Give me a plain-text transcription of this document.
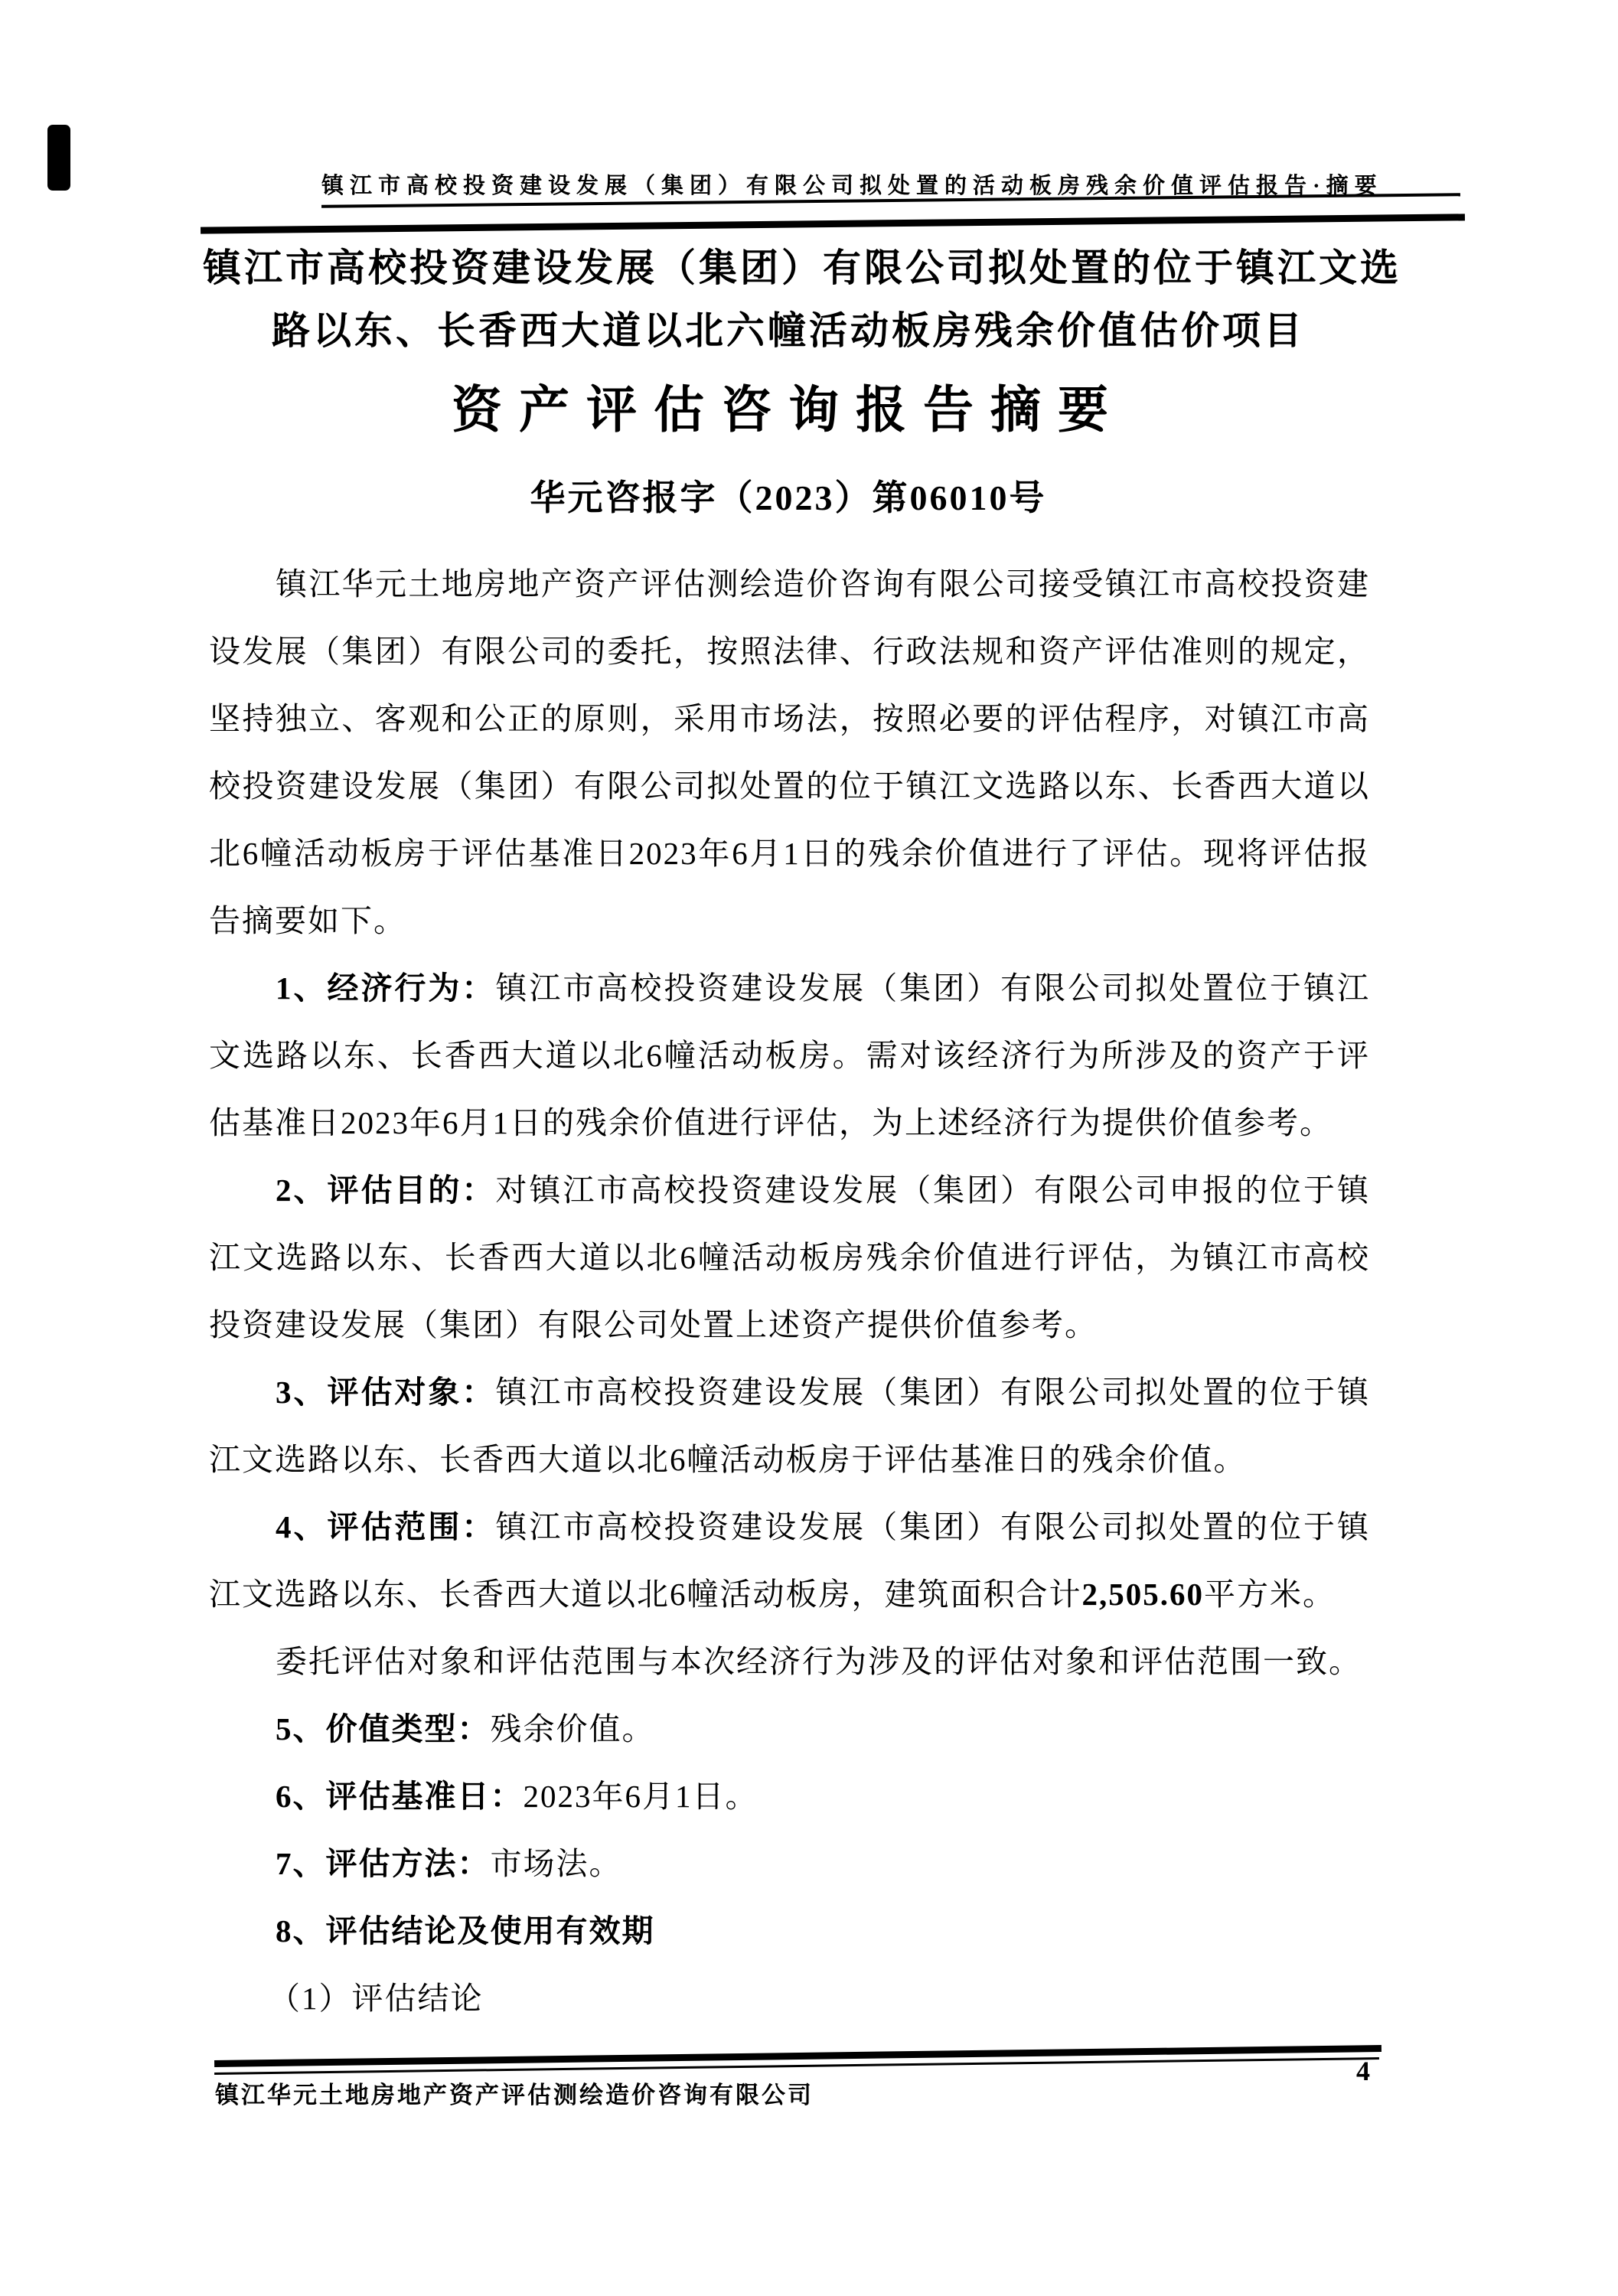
镇江市高校投资建设发展（集团）有限公司拟处置的活动板房残余价值评估报告·摘要
镇江市高校投资建设发展（集团）有限公司拟处置的位于镇江文选
路以东、长香西大道以北六幢活动板房残余价值估价项目
资产评估咨询报告摘要
华元咨报字（2023）第06010号

镇江华元土地房地产资产评估测绘造价咨询有限公司接受镇江市高校投资建设发展（集团）有限公司的委托，按照法律、行政法规和资产评估准则的规定，坚持独立、客观和公正的原则，采用市场法，按照必要的评估程序，对镇江市高校投资建设发展（集团）有限公司拟处置的位于镇江文选路以东、长香西大道以北6幢活动板房于评估基准日2023年6月1日的残余价值进行了评估。现将评估报告摘要如下。

1、经济行为：镇江市高校投资建设发展（集团）有限公司拟处置位于镇江文选路以东、长香西大道以北6幢活动板房。需对该经济行为所涉及的资产于评估基准日2023年6月1日的残余价值进行评估，为上述经济行为提供价值参考。

2、评估目的：对镇江市高校投资建设发展（集团）有限公司申报的位于镇江文选路以东、长香西大道以北6幢活动板房残余价值进行评估，为镇江市高校投资建设发展（集团）有限公司处置上述资产提供价值参考。

3、评估对象：镇江市高校投资建设发展（集团）有限公司拟处置的位于镇江文选路以东、长香西大道以北6幢活动板房于评估基准日的残余价值。

4、评估范围：镇江市高校投资建设发展（集团）有限公司拟处置的位于镇江文选路以东、长香西大道以北6幢活动板房，建筑面积合计2,505.60平方米。

委托评估对象和评估范围与本次经济行为涉及的评估对象和评估范围一致。

5、价值类型：残余价值。

6、评估基准日：2023年6月1日。

7、评估方法：市场法。

8、评估结论及使用有效期

（1）评估结论

镇江华元土地房地产资产评估测绘造价咨询有限公司
4
